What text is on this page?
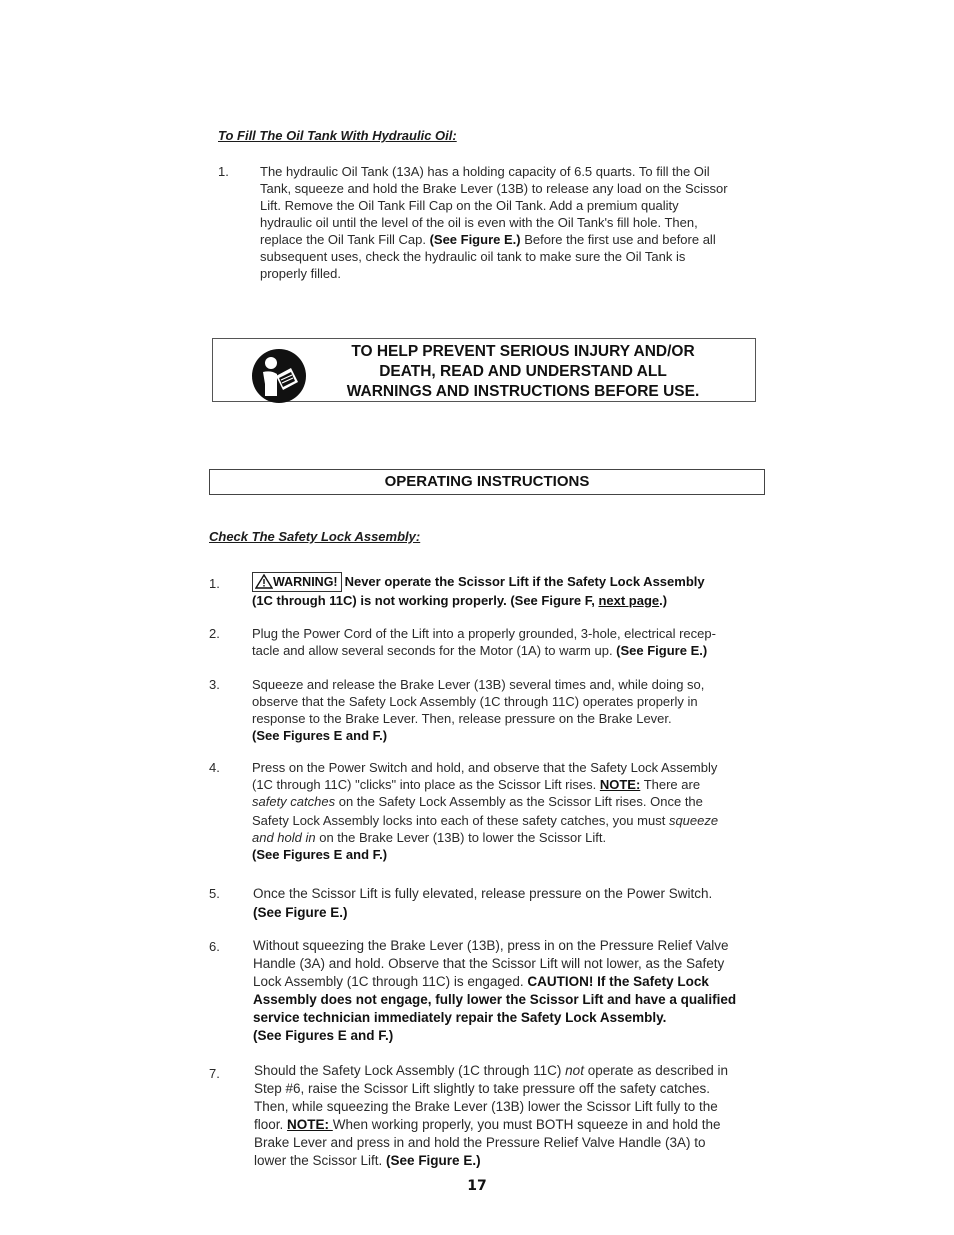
To Fill The Oil Tank With Hydraulic Oil:
1.	The hydraulic Oil Tank (13A) has a holding capacity of 6.5 quarts. To fill the Oil
Tank, squeeze and hold the Brake Lever (13B) to release any load on the Scissor
Lift. Remove the Oil Tank Fill Cap on the Oil Tank. Add a premium quality
hydraulic oil until the level of the oil is even with the Oil Tank's fill hole. Then,
replace the Oil Tank Fill Cap. (See Figure E.) Before the first use and before all
subsequent uses, check the hydraulic oil tank to make sure the Oil Tank is
properly filled.
TO HELP PREVENT SERIOUS INJURY AND/OR
DEATH, READ AND UNDERSTAND ALL
WARNINGS AND INSTRUCTIONS BEFORE USE.
OPERATING INSTRUCTIONS
Check The Safety Lock Assembly:
1.	WARNING! Never operate the Scissor Lift if the Safety Lock Assembly
(1C through 11C) is not working properly. (See Figure F, next page.)
2.	Plug the Power Cord of the Lift into a properly grounded, 3-hole, electrical recep-
tacle and allow several seconds for the Motor (1A) to warm up. (See Figure E.)
3.	Squeeze and release the Brake Lever (13B) several times and, while doing so,
observe that the Safety Lock Assembly (1C through 11C) operates properly in
response to the Brake Lever. Then, release pressure on the Brake Lever.
(See Figures E and F.)
4.	Press on the Power Switch and hold, and observe that the Safety Lock Assembly
(1C through 11C) "clicks" into place as the Scissor Lift rises. NOTE: There are
safety catches on the Safety Lock Assembly as the Scissor Lift rises. Once the
Safety Lock Assembly locks into each of these safety catches, you must squeeze
and hold in on the Brake Lever (13B) to lower the Scissor Lift.
(See Figures E and F.)
5.	Once the Scissor Lift is fully elevated, release pressure on the Power Switch.
(See Figure E.)
6.	Without squeezing the Brake Lever (13B), press in on the Pressure Relief Valve
Handle (3A) and hold. Observe that the Scissor Lift will not lower, as the Safety
Lock Assembly (1C through 11C) is engaged. CAUTION! If the Safety Lock
Assembly does not engage, fully lower the Scissor Lift and have a qualified
service technician immediately repair the Safety Lock Assembly.
(See Figures E and F.)
7.	Should the Safety Lock Assembly (1C through 11C) not operate as described in
Step #6, raise the Scissor Lift slightly to take pressure off the safety catches.
Then, while squeezing the Brake Lever (13B) lower the Scissor Lift fully to the
floor. NOTE: When working properly, you must BOTH squeeze in and hold the
Brake Lever and press in and hold the Pressure Relief Valve Handle (3A) to
lower the Scissor Lift. (See Figure E.)
17
